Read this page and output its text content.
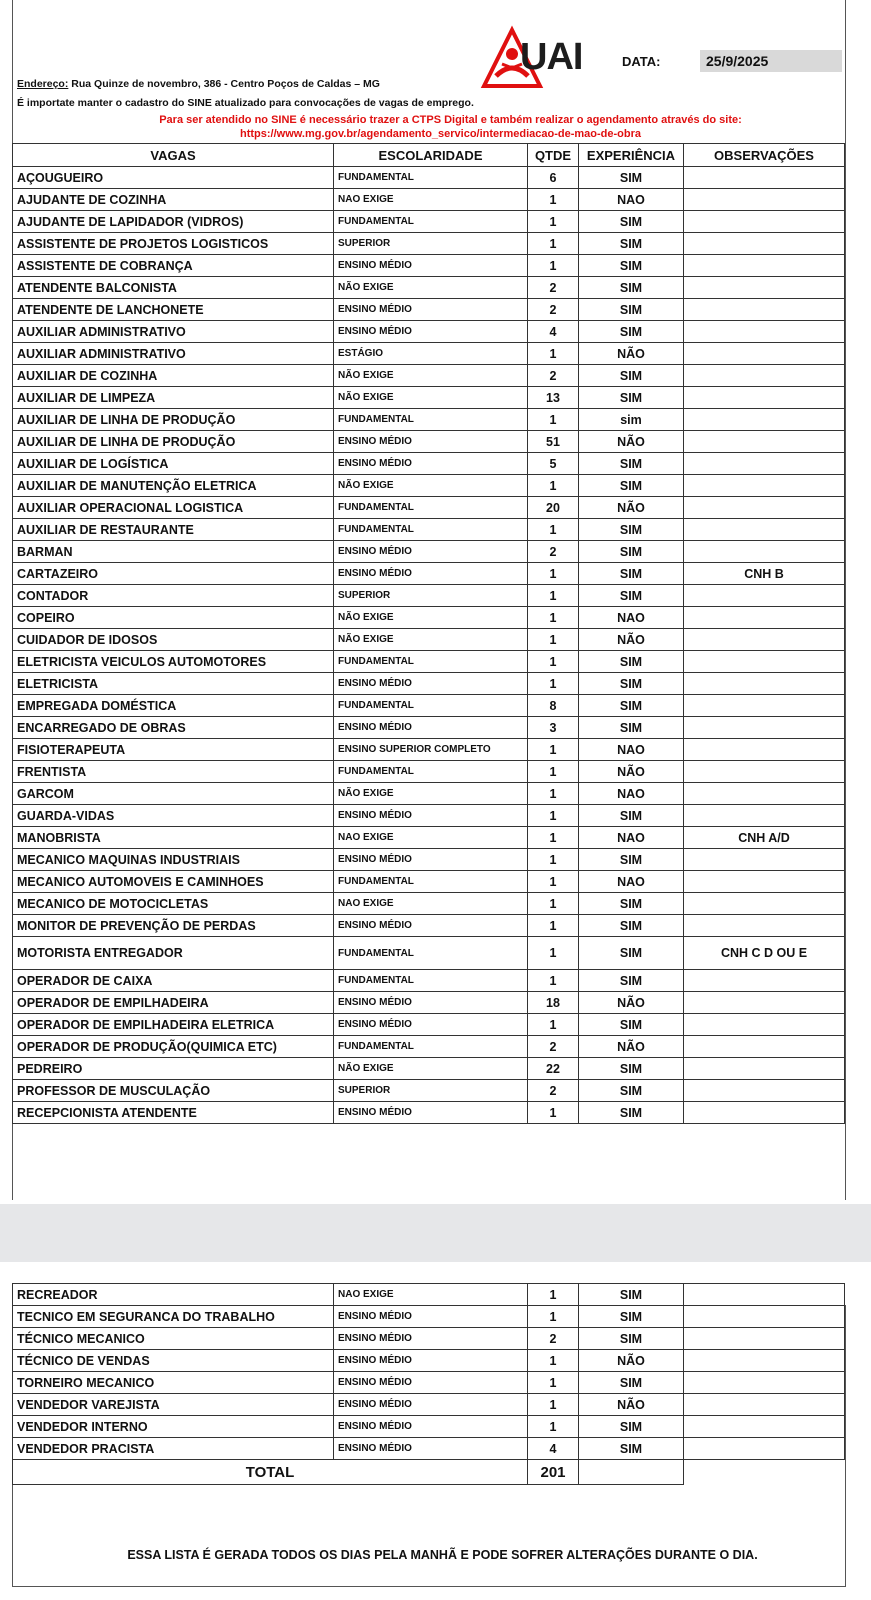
UAI	DATA:	25/9/2025
Endereço: Rua Quinze de novembro, 386 - Centro Poços de Caldas – MG
É importate manter o cadastro do SINE atualizado para convocações de vagas de emprego.
Para ser atendido no SINE é necessário trazer a CTPS Digital e também realizar o agendamento através do site:
https://www.mg.gov.br/agendamento_servico/intermediacao-de-mao-de-obra
VAGAS	ESCOLARIDADE	QTDE	EXPERIÊNCIA	OBSERVAÇÕES
AÇOUGUEIRO	FUNDAMENTAL	6	SIM	
AJUDANTE DE COZINHA	NAO EXIGE	1	NAO	
AJUDANTE DE LAPIDADOR (VIDROS)	FUNDAMENTAL	1	SIM	
ASSISTENTE DE PROJETOS LOGISTICOS	SUPERIOR	1	SIM	
ASSISTENTE DE COBRANÇA	ENSINO MÉDIO	1	SIM	
ATENDENTE BALCONISTA	NÃO EXIGE	2	SIM	
ATENDENTE DE LANCHONETE	ENSINO MÉDIO	2	SIM	
AUXILIAR ADMINISTRATIVO	ENSINO MÉDIO	4	SIM	
AUXILIAR ADMINISTRATIVO	ESTÁGIO	1	NÃO	
AUXILIAR DE COZINHA	NÃO EXIGE	2	SIM	
AUXILIAR DE LIMPEZA	NÃO EXIGE	13	SIM	
AUXILIAR DE LINHA DE PRODUÇÃO	FUNDAMENTAL	1	sim	
AUXILIAR DE LINHA DE PRODUÇÃO	ENSINO MÉDIO	51	NÃO	
AUXILIAR DE LOGÍSTICA	ENSINO MÉDIO	5	SIM	
AUXILIAR DE MANUTENÇÃO ELETRICA	NÃO EXIGE	1	SIM	
AUXILIAR OPERACIONAL LOGISTICA	FUNDAMENTAL	20	NÃO	
AUXILIAR DE RESTAURANTE	FUNDAMENTAL	1	SIM	
BARMAN	ENSINO MÉDIO	2	SIM	
CARTAZEIRO	ENSINO MÉDIO	1	SIM	CNH B
CONTADOR	SUPERIOR	1	SIM	
COPEIRO	NÃO EXIGE	1	NAO	
CUIDADOR DE IDOSOS	NÃO EXIGE	1	NÃO	
ELETRICISTA VEICULOS AUTOMOTORES	FUNDAMENTAL	1	SIM	
ELETRICISTA	ENSINO MÉDIO	1	SIM	
EMPREGADA DOMÉSTICA	FUNDAMENTAL	8	SIM	
ENCARREGADO DE OBRAS	ENSINO MÉDIO	3	SIM	
FISIOTERAPEUTA	ENSINO SUPERIOR COMPLETO	1	NAO	
FRENTISTA	FUNDAMENTAL	1	NÃO	
GARCOM	NÃO EXIGE	1	NAO	
GUARDA-VIDAS	ENSINO MÉDIO	1	SIM	
MANOBRISTA	NAO EXIGE	1	NAO	CNH A/D
MECANICO MAQUINAS INDUSTRIAIS	ENSINO MÉDIO	1	SIM	
MECANICO AUTOMOVEIS E CAMINHOES	FUNDAMENTAL	1	NAO	
MECANICO DE MOTOCICLETAS	NAO EXIGE	1	SIM	
MONITOR DE PREVENÇÃO DE PERDAS	ENSINO MÉDIO	1	SIM	
MOTORISTA ENTREGADOR	FUNDAMENTAL	1	SIM	CNH C D OU E
OPERADOR DE CAIXA	FUNDAMENTAL	1	SIM	
OPERADOR DE EMPILHADEIRA	ENSINO MÉDIO	18	NÃO	
OPERADOR DE EMPILHADEIRA ELETRICA	ENSINO MÉDIO	1	SIM	
OPERADOR DE PRODUÇÃO(QUIMICA ETC)	FUNDAMENTAL	2	NÃO	
PEDREIRO	NÃO EXIGE	22	SIM	
PROFESSOR DE MUSCULAÇÃO	SUPERIOR	2	SIM	
RECEPCIONISTA ATENDENTE	ENSINO MÉDIO	1	SIM	
RECREADOR	NAO EXIGE	1	SIM	
TECNICO EM SEGURANCA DO TRABALHO	ENSINO MÉDIO	1	SIM	
TÉCNICO MECANICO	ENSINO MÉDIO	2	SIM	
TÉCNICO DE VENDAS	ENSINO MÉDIO	1	NÃO	
TORNEIRO MECANICO	ENSINO MÉDIO	1	SIM	
VENDEDOR VAREJISTA	ENSINO MÉDIO	1	NÃO	
VENDEDOR INTERNO	ENSINO MÉDIO	1	SIM	
VENDEDOR PRACISTA	ENSINO MÉDIO	4	SIM	
TOTAL		201		
ESSA LISTA É GERADA TODOS OS DIAS PELA MANHÃ E PODE SOFRER ALTERAÇÕES DURANTE O DIA.
